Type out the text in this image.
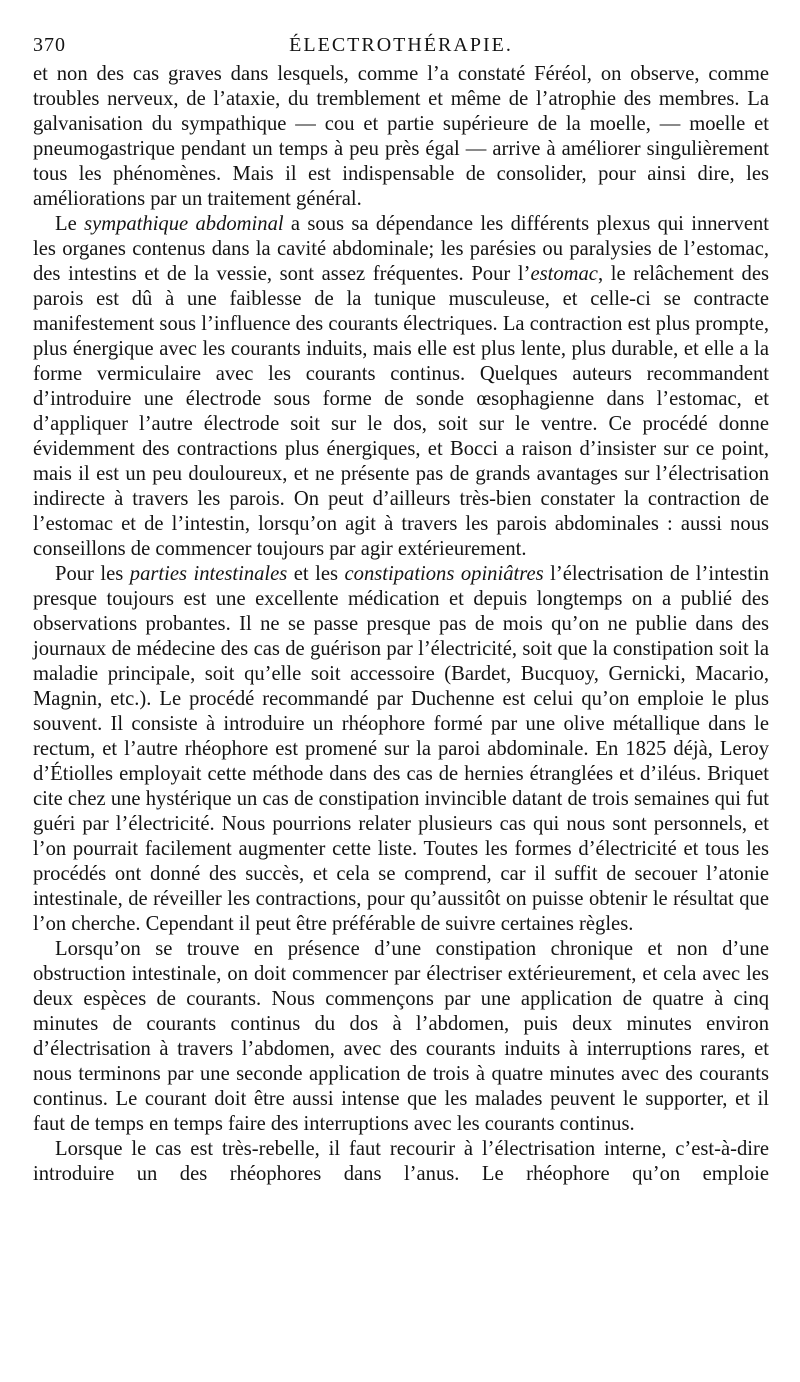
370	ÉLECTROTHÉRAPIE.

et non des cas graves dans lesquels, comme l’a constaté Féréol, on observe, comme troubles nerveux, de l’ataxie, du tremblement et même de l’atrophie des membres. La galvanisation du sympathique — cou et partie supérieure de la moelle, — moelle et pneumogastrique pendant un temps à peu près égal — arrive à améliorer singulièrement tous les phénomènes. Mais il est indispensable de consolider, pour ainsi dire, les améliorations par un traitement général.

Le sympathique abdominal a sous sa dépendance les différents plexus qui innervent les organes contenus dans la cavité abdominale; les parésies ou paralysies de l’estomac, des intestins et de la vessie, sont assez fréquentes. Pour l’estomac, le relâchement des parois est dû à une faiblesse de la tunique musculeuse, et celle-ci se contracte manifestement sous l’influence des courants électriques. La contraction est plus prompte, plus énergique avec les courants induits, mais elle est plus lente, plus durable, et elle a la forme vermiculaire avec les courants continus. Quelques auteurs recommandent d’introduire une électrode sous forme de sonde œsophagienne dans l’estomac, et d’appliquer l’autre électrode soit sur le dos, soit sur le ventre. Ce procédé donne évidemment des contractions plus énergiques, et Bocci a raison d’insister sur ce point, mais il est un peu douloureux, et ne présente pas de grands avantages sur l’électrisation indirecte à travers les parois. On peut d’ailleurs très-bien constater la contraction de l’estomac et de l’intestin, lorsqu’on agit à travers les parois abdominales : aussi nous conseillons de commencer toujours par agir extérieurement.

Pour les parties intestinales et les constipations opiniâtres l’électrisation de l’intestin presque toujours est une excellente médication et depuis longtemps on a publié des observations probantes. Il ne se passe presque pas de mois qu’on ne publie dans des journaux de médecine des cas de guérison par l’électricité, soit que la constipation soit la maladie principale, soit qu’elle soit accessoire (Bardet, Bucquoy, Gernicki, Macario, Magnin, etc.). Le procédé recommandé par Duchenne est celui qu’on emploie le plus souvent. Il consiste à introduire un rhéophore formé par une olive métallique dans le rectum, et l’autre rhéophore est promené sur la paroi abdominale. En 1825 déjà, Leroy d’Étiolles employait cette méthode dans des cas de hernies étranglées et d’iléus. Briquet cite chez une hystérique un cas de constipation invincible datant de trois semaines qui fut guéri par l’électricité. Nous pourrions relater plusieurs cas qui nous sont personnels, et l’on pourrait facilement augmenter cette liste. Toutes les formes d’électricité et tous les procédés ont donné des succès, et cela se comprend, car il suffit de secouer l’atonie intestinale, de réveiller les contractions, pour qu’aussitôt on puisse obtenir le résultat que l’on cherche. Cependant il peut être préférable de suivre certaines règles.

Lorsqu’on se trouve en présence d’une constipation chronique et non d’une obstruction intestinale, on doit commencer par électriser extérieurement, et cela avec les deux espèces de courants. Nous commençons par une application de quatre à cinq minutes de courants continus du dos à l’abdomen, puis deux minutes environ d’électrisation à travers l’abdomen, avec des courants induits à interruptions rares, et nous terminons par une seconde application de trois à quatre minutes avec des courants continus. Le courant doit être aussi intense que les malades peuvent le supporter, et il faut de temps en temps faire des interruptions avec les courants continus.

Lorsque le cas est très-rebelle, il faut recourir à l’électrisation interne, c’est-à-dire introduire un des rhéophores dans l’anus. Le rhéophore qu’on emploie
